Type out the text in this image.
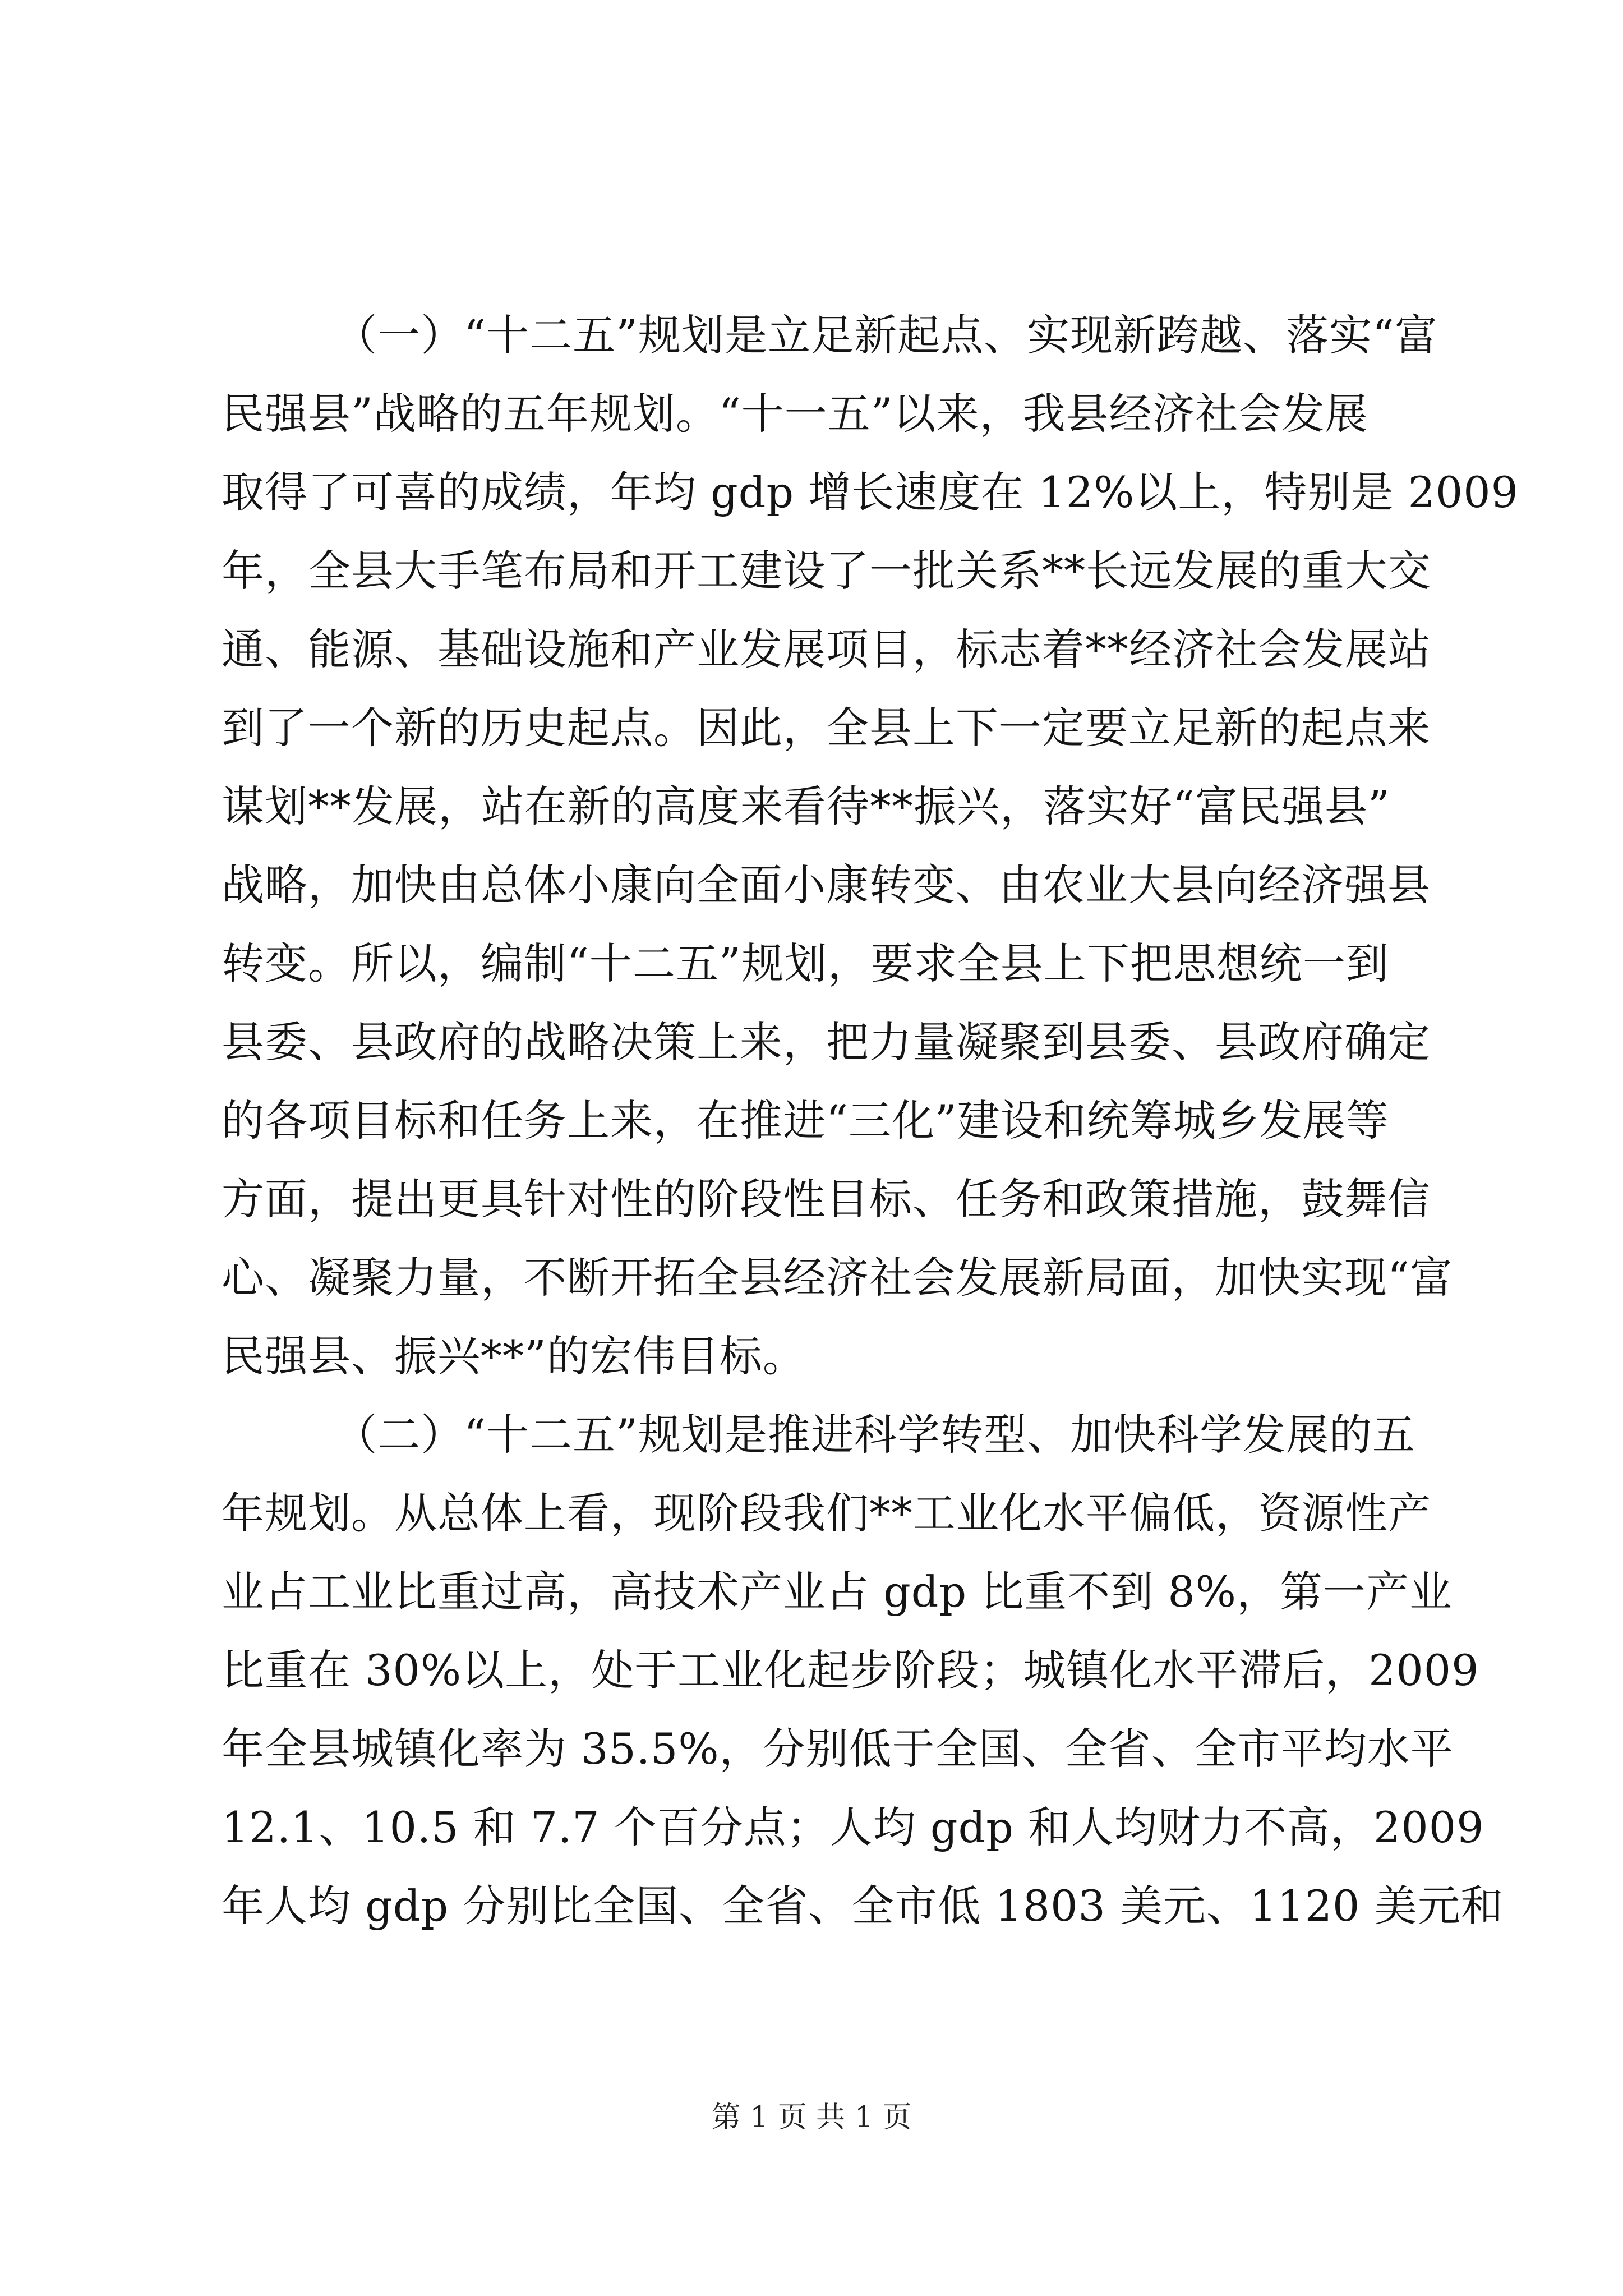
（一）“十二五”规划是立足新起点、实现新跨越、落实“富
民强县”战略的五年规划。“十一五”以来，我县经济社会发展
取得了可喜的成绩，年均 gdp 增长速度在 12%以上，特别是 2009
年，全县大手笔布局和开工建设了一批关系**长远发展的重大交
通、能源、基础设施和产业发展项目，标志着**经济社会发展站
到了一个新的历史起点。因此，全县上下一定要立足新的起点来
谋划**发展，站在新的高度来看待**振兴，落实好“富民强县”
战略，加快由总体小康向全面小康转变、由农业大县向经济强县
转变。所以，编制“十二五”规划，要求全县上下把思想统一到
县委、县政府的战略决策上来，把力量凝聚到县委、县政府确定
的各项目标和任务上来，在推进“三化”建设和统筹城乡发展等
方面，提出更具针对性的阶段性目标、任务和政策措施，鼓舞信
心、凝聚力量，不断开拓全县经济社会发展新局面，加快实现“富
民强县、振兴**”的宏伟目标。
（二）“十二五”规划是推进科学转型、加快科学发展的五
年规划。从总体上看，现阶段我们**工业化水平偏低，资源性产
业占工业比重过高，高技术产业占 gdp 比重不到 8%，第一产业
比重在 30%以上，处于工业化起步阶段；城镇化水平滞后，2009
年全县城镇化率为 35.5%，分别低于全国、全省、全市平均水平
12.1、10.5 和 7.7 个百分点；人均 gdp 和人均财力不高，2009
年人均 gdp 分别比全国、全省、全市低 1803 美元、1120 美元和
第 1 页 共 1 页
